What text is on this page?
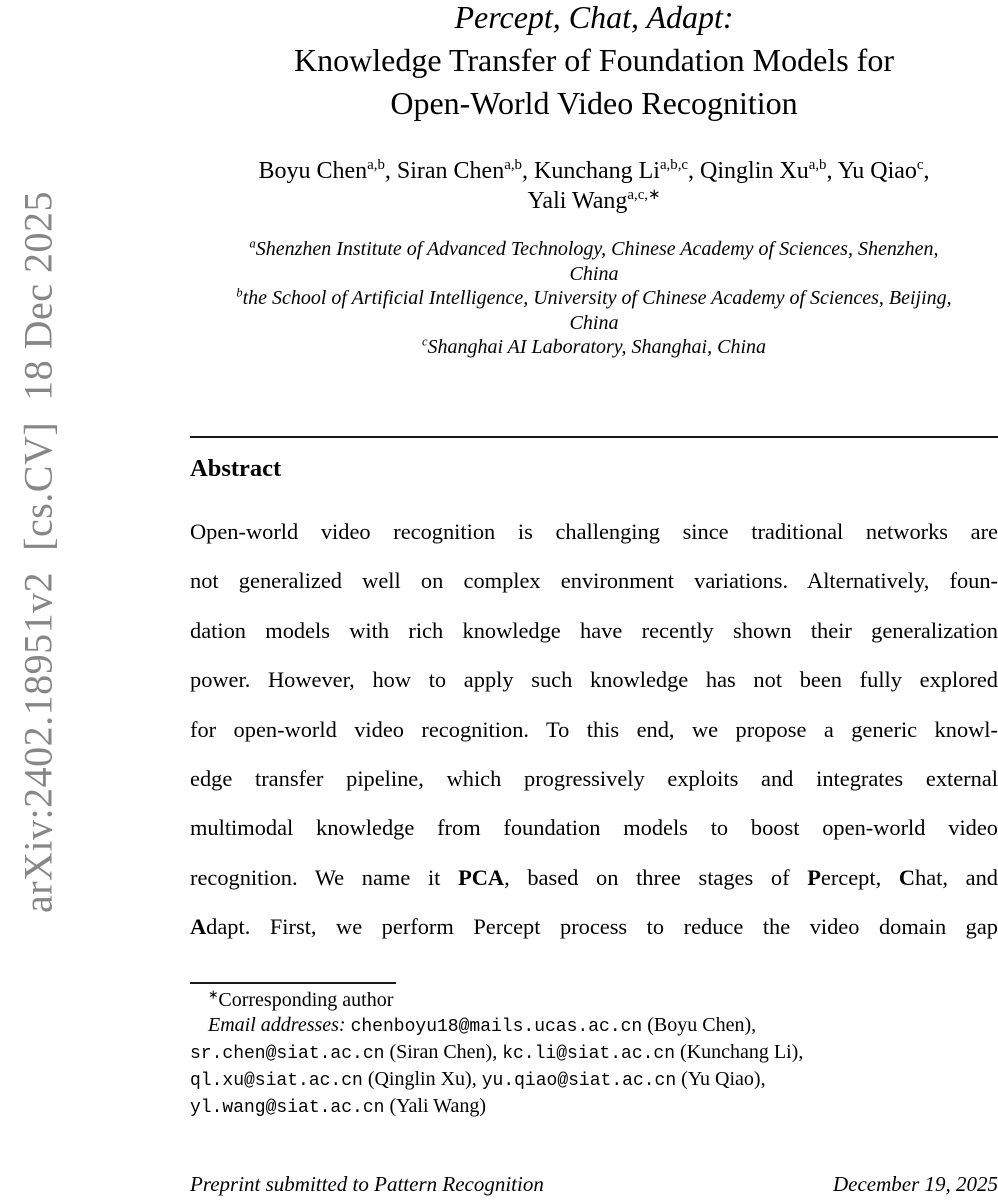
arXiv:2402.18951v2  [cs.CV]  18 Dec 2025
Percept, Chat, Adapt:
Knowledge Transfer of Foundation Models for
Open-World Video Recognition
Boyu Chen$^{a,b}$, Siran Chen$^{a,b}$, Kunchang Li$^{a,b,c}$, Qinglin Xu$^{a,b}$, Yu Qiao$^c$,
Yali Wang$^{a,c,∗}$
$^a$Shenzhen Institute of Advanced Technology, Chinese Academy of Sciences, Shenzhen, China
$^b$the School of Artificial Intelligence, University of Chinese Academy of Sciences, Beijing, China
$^c$Shanghai AI Laboratory, Shanghai, China
Abstract
Open-world video recognition is challenging since traditional networks are
not generalized well on complex environment variations. Alternatively, foun-
dation models with rich knowledge have recently shown their generalization
power. However, how to apply such knowledge has not been fully explored
for open-world video recognition. To this end, we propose a generic knowl-
edge transfer pipeline, which progressively exploits and integrates external
multimodal knowledge from foundation models to boost open-world video
recognition. We name it PCA, based on three stages of Percept, Chat, and
Adapt. First, we perform Percept process to reduce the video domain gap
∗Corresponding author
Email addresses: chenboyu18@mails.ucas.ac.cn (Boyu Chen),
sr.chen@siat.ac.cn (Siran Chen), kc.li@siat.ac.cn (Kunchang Li),
ql.xu@siat.ac.cn (Qinglin Xu), yu.qiao@siat.ac.cn (Yu Qiao),
yl.wang@siat.ac.cn (Yali Wang)
Preprint submitted to Pattern Recognition	December 19, 2025
